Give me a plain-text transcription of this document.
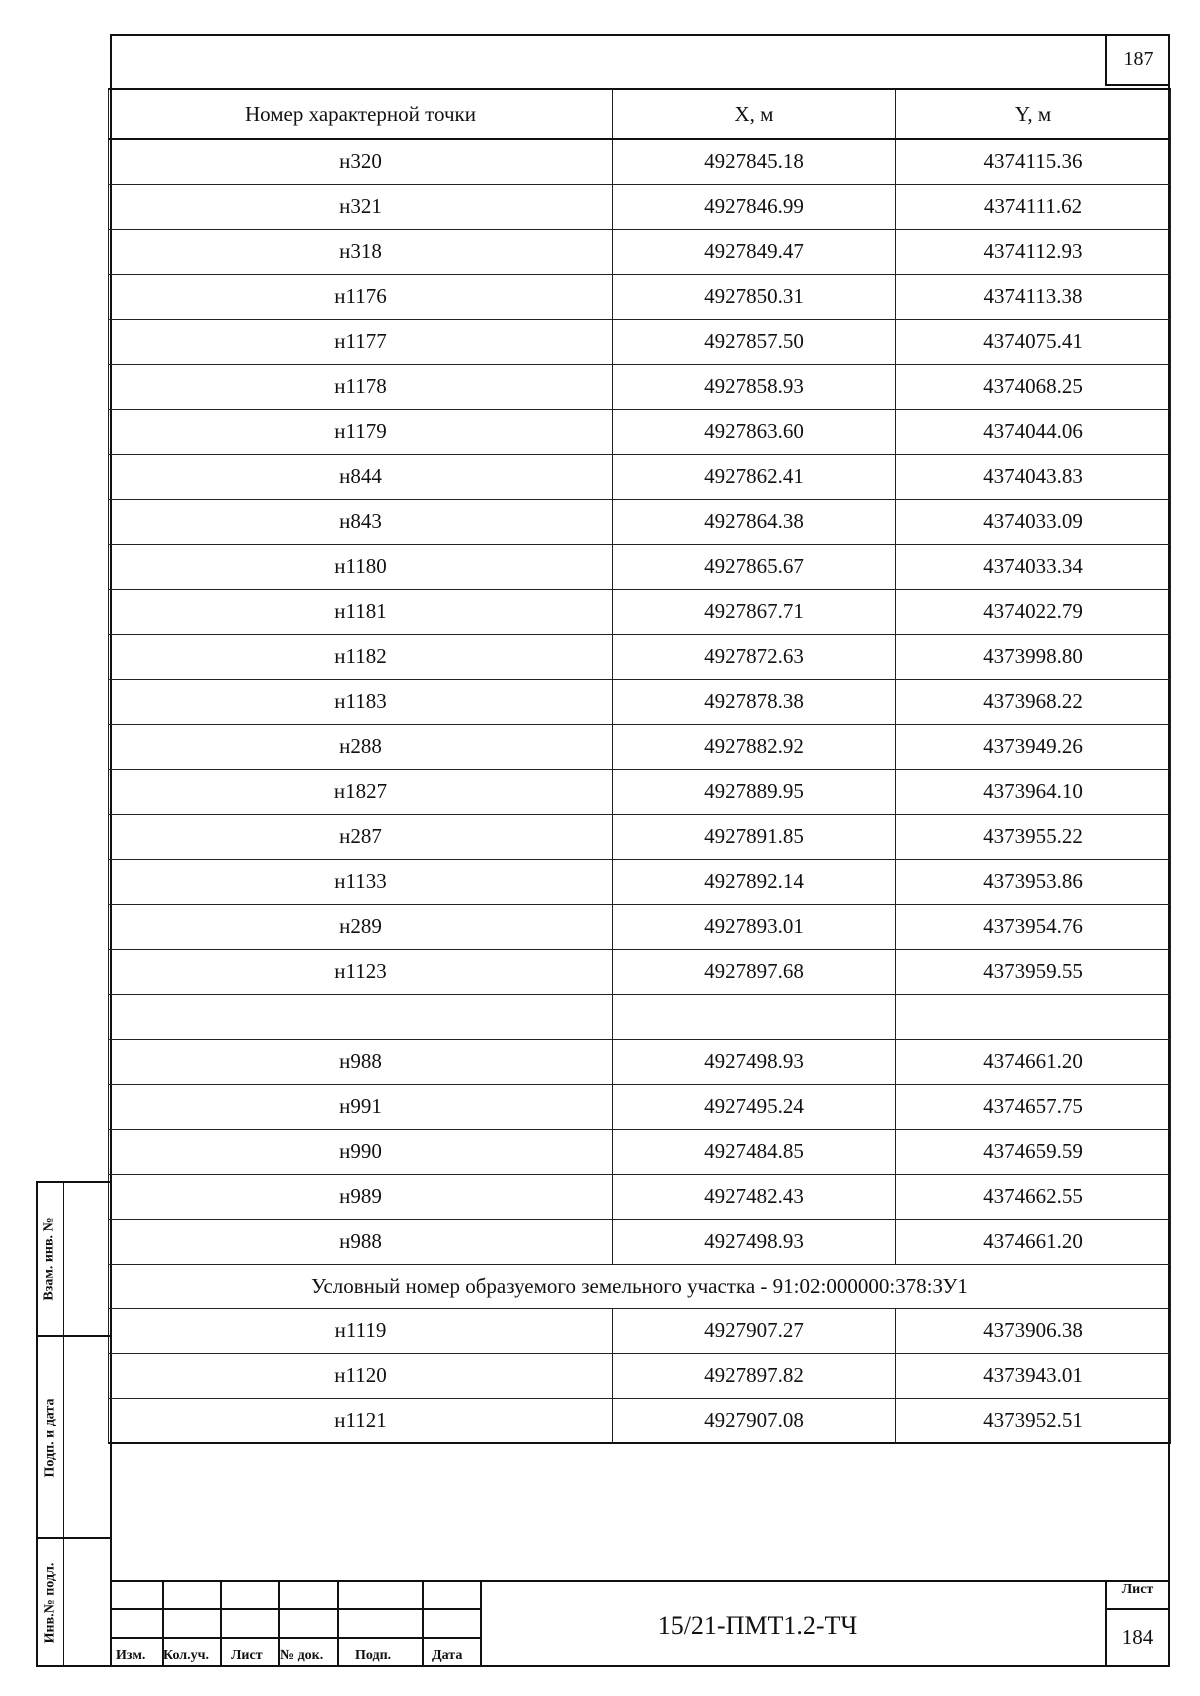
187
Номер характерной точки	X, м	Y, м
н320	4927845.18	4374115.36
н321	4927846.99	4374111.62
н318	4927849.47	4374112.93
н1176	4927850.31	4374113.38
н1177	4927857.50	4374075.41
н1178	4927858.93	4374068.25
н1179	4927863.60	4374044.06
н844	4927862.41	4374043.83
н843	4927864.38	4374033.09
н1180	4927865.67	4374033.34
н1181	4927867.71	4374022.79
н1182	4927872.63	4373998.80
н1183	4927878.38	4373968.22
н288	4927882.92	4373949.26
н1827	4927889.95	4373964.10
н287	4927891.85	4373955.22
н1133	4927892.14	4373953.86
н289	4927893.01	4373954.76
н1123	4927897.68	4373959.55

н988	4927498.93	4374661.20
н991	4927495.24	4374657.75
н990	4927484.85	4374659.59
н989	4927482.43	4374662.55
н988	4927498.93	4374661.20
Условный номер образуемого земельного участка - 91:02:000000:378:ЗУ1		
н1119	4927907.27	4373906.38
н1120	4927897.82	4373943.01
н1121	4927907.08	4373952.51
Взам. инв. №
Подп. и дата
Инв.№ подл.
Изм. Кол.уч. Лист № док. Подп.	Дата
15/21-ПМТ1.2-ТЧ
Лист
184
